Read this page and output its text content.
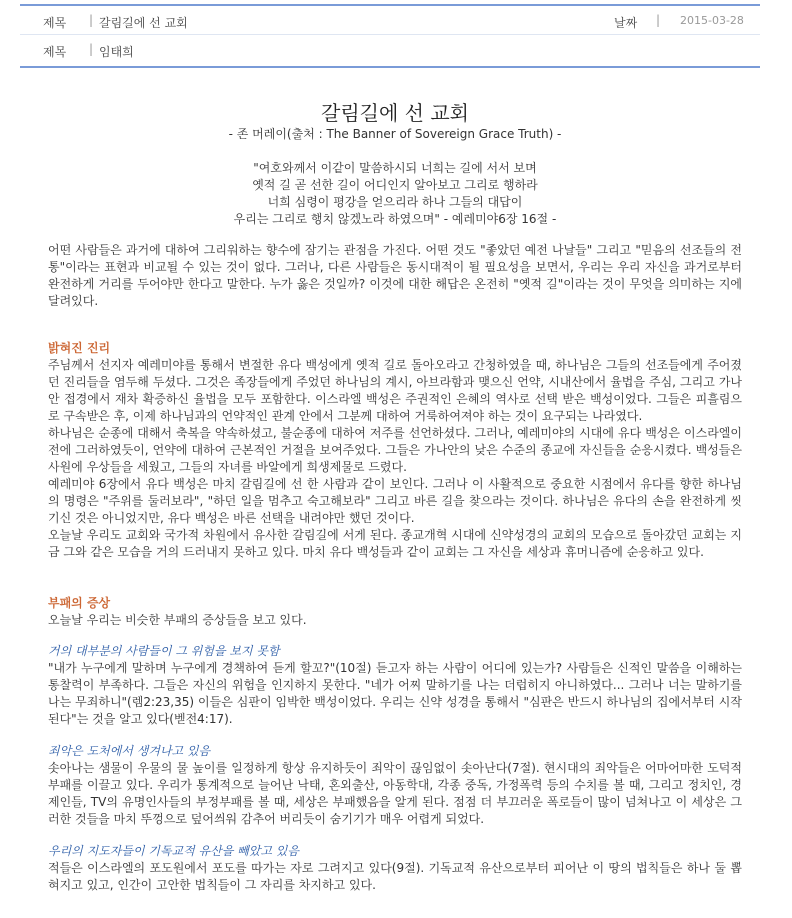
제목 | 갈림길에 선 교회	날짜 | 2015-03-28
제목 | 임태희
갈림길에 선 교회
- 존 머레이(출처 : The Banner of Sovereign Grace Truth) -
"여호와께서 이같이 말씀하시되 너희는 길에 서서 보며
옛적 길 곧 선한 길이 어디인지 알아보고 그리로 행하라
너희 심령이 평강을 얻으리라 하나 그들의 대답이
우리는 그리로 행치 않겠노라 하였으며" - 예레미야6장 16절 -

어떤 사람들은 과거에 대하여 그리워하는 향수에 잠기는 관점을 가진다. 어떤 것도 "좋았던 예전 나날들" 그리고 "믿음의 선조들의 전통"이라는 표현과 비교될 수 있는 것이 없다. 그러나, 다른 사람들은 동시대적이 될 필요성을 보면서, 우리는 우리 자신을 과거로부터 완전하게 거리를 두어야만 한다고 말한다. 누가 옳은 것일까? 이것에 대한 해답은 온전히 "옛적 길"이라는 것이 무엇을 의미하는 지에 달려있다.

밝혀진 진리

주님께서 선지자 예레미야를 통해서 변절한 유다 백성에게 옛적 길로 돌아오라고 간청하였을 때, 하나님은 그들의 선조들에게 주어졌던 진리들을 염두해 두셨다. 그것은 족장들에게 주었던 하나님의 계시, 아브라함과 맺으신 언약, 시내산에서 율법을 주심, 그리고 가나안 접경에서 재차 확증하신 율법을 모두 포함한다. 이스라엘 백성은 주권적인 은혜의 역사로 선택 받은 백성이었다. 그들은 피흘림으로 구속받은 후, 이제 하나님과의 언약적인 관계 안에서 그분께 대하여 거룩하여져야 하는 것이 요구되는 나라였다.

하나님은 순종에 대해서 축복을 약속하셨고, 불순종에 대하여 저주를 선언하셨다. 그러나, 예레미야의 시대에 유다 백성은 이스라엘이 전에 그러하였듯이, 언약에 대하여 근본적인 거절을 보여주었다. 그들은 가나안의 낮은 수준의 종교에 자신들을 순응시켰다. 백성들은 사원에 우상들을 세웠고, 그들의 자녀를 바알에게 희생제물로 드렸다.

예레미야 6장에서 유다 백성은 마치 갈림길에 선 한 사람과 같이 보인다. 그러나 이 사활적으로 중요한 시점에서 유다를 향한 하나님의 명령은 "주위를 둘러보라", "하던 일을 멈추고 숙고해보라" 그리고 바른 길을 찾으라는 것이다. 하나님은 유다의 손을 완전하게 씻기신 것은 아니었지만, 유다 백성은 바른 선택을 내려야만 했던 것이다.

오늘날 우리도 교회와 국가적 차원에서 유사한 갈림길에 서게 된다. 종교개혁 시대에 신약성경의 교회의 모습으로 돌아갔던 교회는 지금 그와 같은 모습을 거의 드러내지 못하고 있다. 마치 유다 백성들과 같이 교회는 그 자신을 세상과 휴머니즘에 순응하고 있다.

부패의 증상

오늘날 우리는 비슷한 부패의 증상들을 보고 있다.

거의 대부분의 사람들이 그 위험을 보지 못함

"내가 누구에게 말하며 누구에게 경책하여 듣게 할꼬?"(10절) 듣고자 하는 사람이 어디에 있는가? 사람들은 신적인 말씀을 이해하는 통찰력이 부족하다. 그들은 자신의 위험을 인지하지 못한다. "네가 어찌 말하기를 나는 더럽히지 아니하였다... 그러나 너는 말하기를 나는 무죄하니"(렘2:23,35) 이들은 심판이 임박한 백성이었다. 우리는 신약 성경을 통해서 "심판은 반드시 하나님의 집에서부터 시작된다"는 것을 알고 있다(벧전4:17).

죄악은 도처에서 생겨나고 있음

솟아나는 샘물이 우물의 물 높이를 일정하게 항상 유지하듯이 죄악이 끊임없이 솟아난다(7절). 현시대의 죄악들은 어마어마한 도덕적 부패를 이끌고 있다. 우리가 통계적으로 늘어난 낙태, 혼외출산, 아동학대, 각종 중독, 가정폭력 등의 수치를 볼 때, 그리고 정치인, 경제인들, TV의 유명인사들의 부정부패를 볼 때, 세상은 부패했음을 알게 된다. 점점 더 부끄러운 폭로들이 많이 넘쳐나고 이 세상은 그러한 것들을 마치 뚜껑으로 덮어씌워 감추어 버리듯이 숨기기가 매우 어렵게 되었다.

우리의 지도자들이 기독교적 유산을 빼았고 있음

적들은 이스라엘의 포도원에서 포도를 따가는 자로 그려지고 있다(9절). 기독교적 유산으로부터 피어난 이 땅의 법칙들은 하나 둘 뽑혀지고 있고, 인간이 고안한 법칙들이 그 자리를 차지하고 있다.
